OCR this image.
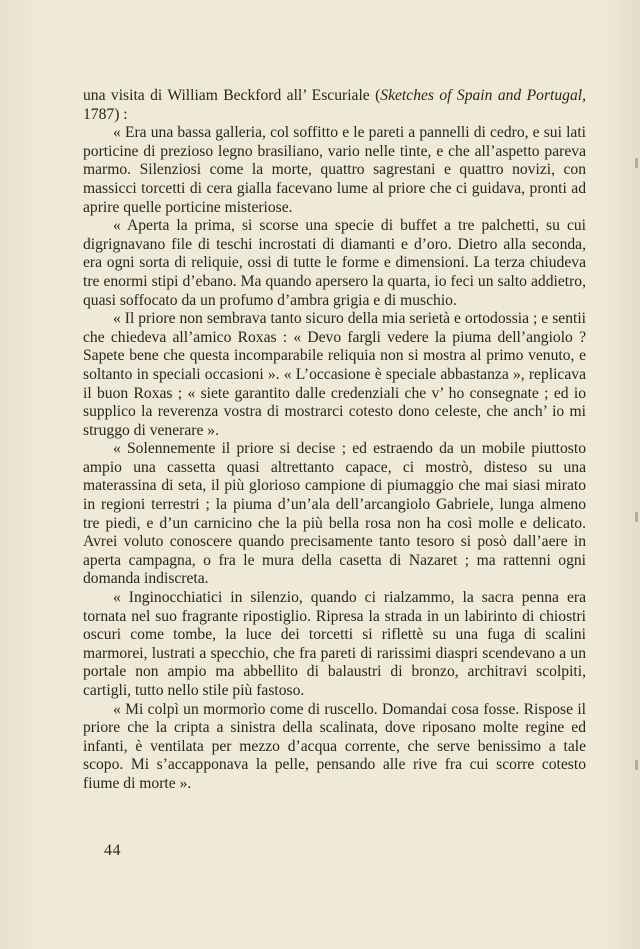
una visita di William Beckford all’ Escuriale (Sketches of Spain and Portugal, 1787) :

« Era una bassa galleria, col soffitto e le pareti a pannelli di cedro, e sui lati porticine di prezioso legno brasiliano, vario nelle tinte, e che all’aspetto pareva marmo. Silenziosi come la morte, quattro sagrestani e quattro novizi, con massicci torcetti di cera gialla facevano lume al priore che ci guidava, pronti ad aprire quelle porticine misteriose.

« Aperta la prima, si scorse una specie di buffet a tre palchetti, su cui digrignavano file di teschi incrostati di diamanti e d’oro. Dietro alla seconda, era ogni sorta di reliquie, ossi di tutte le forme e dimensioni. La terza chiudeva tre enormi stipi d’ebano. Ma quando apersero la quarta, io feci un salto addietro, quasi soffocato da un profumo d’ambra grigia e di muschio.

« Il priore non sembrava tanto sicuro della mia serietà e ortodossia ; e sentii che chiedeva all’amico Roxas : « Devo fargli vedere la piuma dell’angiolo ? Sapete bene che questa incomparabile reliquia non si mostra al primo venuto, e soltanto in speciali occasioni ». « L’occasione è speciale abbastanza », replicava il buon Roxas ; « siete garantito dalle credenziali che v’ ho consegnate ; ed io supplico la reverenza vostra di mostrarci cotesto dono celeste, che anch’ io mi struggo di venerare ».

« Solennemente il priore si decise ; ed estraendo da un mobile piuttosto ampio una cassetta quasi altrettanto capace, ci mostrò, disteso su una materassina di seta, il più glorioso campione di piumaggio che mai siasi mirato in regioni terrestri ; la piuma d’un’ala dell’arcangiolo Gabriele, lunga almeno tre piedi, e d’un carnicino che la più bella rosa non ha così molle e delicato. Avrei voluto conoscere quando precisamente tanto tesoro si posò dall’aere in aperta campagna, o fra le mura della casetta di Nazaret ; ma rattenni ogni domanda indiscreta.

« Inginocchiatici in silenzio, quando ci rialzammo, la sacra penna era tornata nel suo fragrante ripostiglio. Ripresa la strada in un labirinto di chiostri oscuri come tombe, la luce dei torcetti si riflettè su una fuga di scalini marmorei, lustrati a specchio, che fra pareti di rarissimi diaspri scendevano a un portale non ampio ma abbellito di balaustri di bronzo, architravi scolpiti, cartigli, tutto nello stile più fastoso.

« Mi colpì un mormorìo come di ruscello. Domandai cosa fosse. Rispose il priore che la cripta a sinistra della scalinata, dove riposano molte regine ed infanti, è ventilata per mezzo d’acqua corrente, che serve benissimo a tale scopo. Mi s’accapponava la pelle, pensando alle rive fra cui scorre cotesto fiume di morte ».

44
